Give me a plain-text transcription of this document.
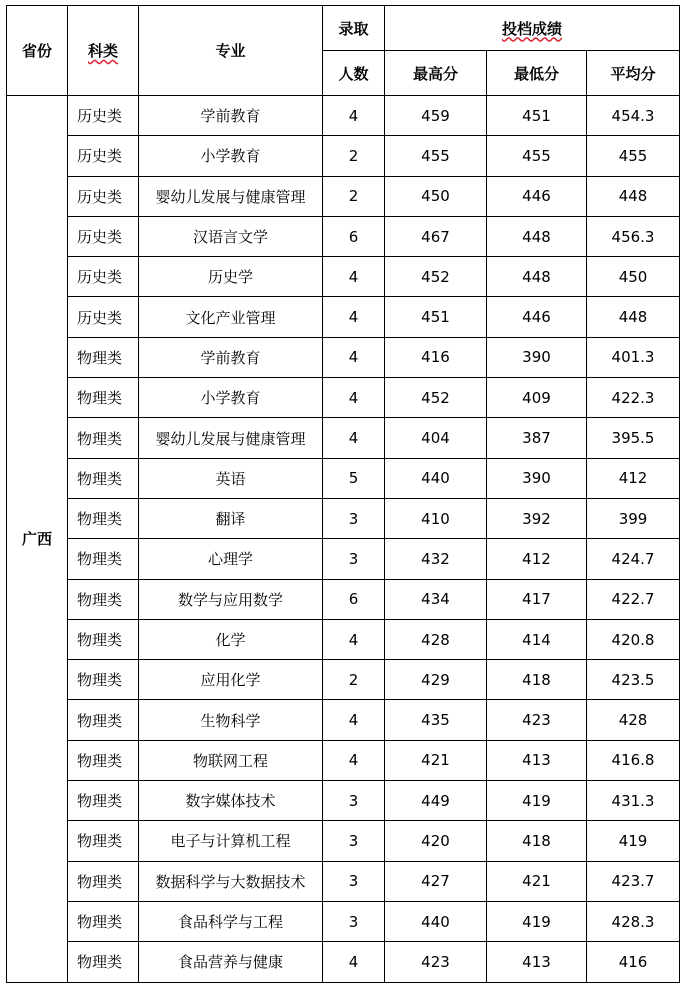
省份	科类	专业	录取	投档成绩		
			人数	最高分	最低分	平均分
广西	历史类	学前教育	4	459	451	454.3
	历史类	小学教育	2	455	455	455
	历史类	婴幼儿发展与健康管理	2	450	446	448
	历史类	汉语言文学	6	467	448	456.3
	历史类	历史学	4	452	448	450
	历史类	文化产业管理	4	451	446	448
	物理类	学前教育	4	416	390	401.3
	物理类	小学教育	4	452	409	422.3
	物理类	婴幼儿发展与健康管理	4	404	387	395.5
	物理类	英语	5	440	390	412
	物理类	翻译	3	410	392	399
	物理类	心理学	3	432	412	424.7
	物理类	数学与应用数学	6	434	417	422.7
	物理类	化学	4	428	414	420.8
	物理类	应用化学	2	429	418	423.5
	物理类	生物科学	4	435	423	428
	物理类	物联网工程	4	421	413	416.8
	物理类	数字媒体技术	3	449	419	431.3
	物理类	电子与计算机工程	3	420	418	419
	物理类	数据科学与大数据技术	3	427	421	423.7
	物理类	食品科学与工程	3	440	419	428.3
	物理类	食品营养与健康	4	423	413	416
